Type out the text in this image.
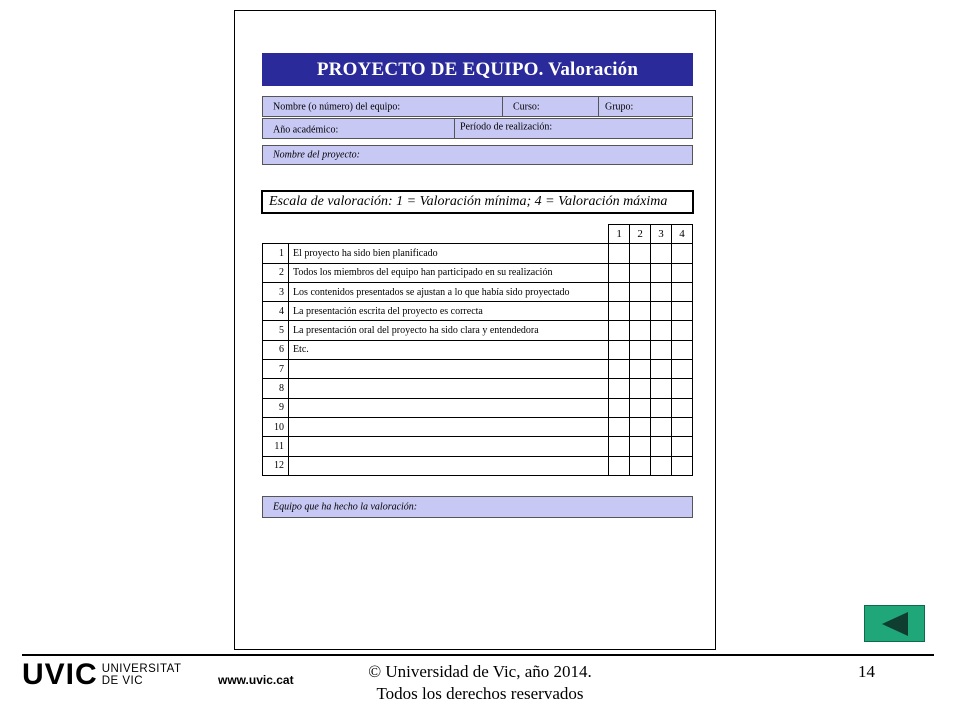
PROYECTO DE EQUIPO. Valoración
Nombre (o número) del equipo:	Curso:	Grupo:
Año académico:	Período de realización:
Nombre del proyecto:
Escala de valoración: 1 = Valoración mínima; 4 = Valoración máxima
		1	2	3	4
1	El proyecto ha sido bien planificado				
2	Todos los miembros del equipo han participado en su realización				
3	Los contenidos presentados se ajustan a lo que había sido proyectado				
4	La presentación escrita del proyecto es correcta				
5	La presentación oral del proyecto ha sido clara y entendedora				
6	Etc.				
7					
8					
9					
10					
11					
12					
Equipo que ha hecho la valoración:
UVIC UNIVERSITAT
DE VIC	www.uvic.cat	© Universidad de Vic, año 2014.
Todos los derechos reservados
14
